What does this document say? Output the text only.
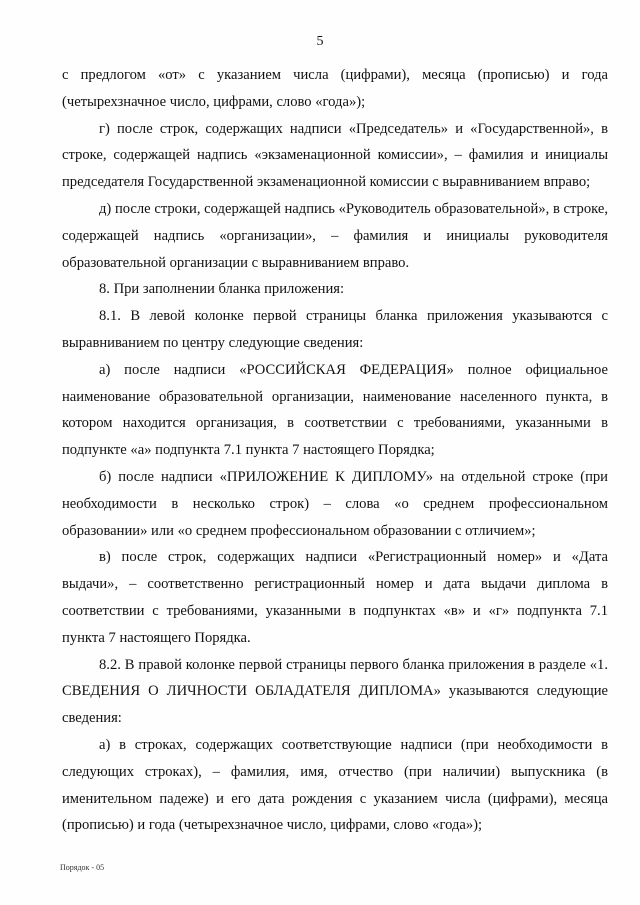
5

с предлогом «от» с указанием числа (цифрами), месяца (прописью) и года (четырехзначное число, цифрами, слово «года»);

г) после строк, содержащих надписи «Председатель» и «Государственной», в строке, содержащей надпись «экзаменационной комиссии», – фамилия и инициалы председателя Государственной экзаменационной комиссии с выравниванием вправо;

д) после строки, содержащей надпись «Руководитель образовательной», в строке, содержащей надпись «организации», – фамилия и инициалы руководителя образовательной организации с выравниванием вправо.

8. При заполнении бланка приложения:

8.1. В левой колонке первой страницы бланка приложения указываются с выравниванием по центру следующие сведения:

а) после надписи «РОССИЙСКАЯ ФЕДЕРАЦИЯ» полное официальное наименование образовательной организации, наименование населенного пункта, в котором находится организация, в соответствии с требованиями, указанными в подпункте «а» подпункта 7.1 пункта 7 настоящего Порядка;

б) после надписи «ПРИЛОЖЕНИЕ К ДИПЛОМУ» на отдельной строке (при необходимости в несколько строк) – слова «о среднем профессиональном образовании» или «о среднем профессиональном образовании с отличием»;

в) после строк, содержащих надписи «Регистрационный номер» и «Дата выдачи», – соответственно регистрационный номер и дата выдачи диплома в соответствии с требованиями, указанными в подпунктах «в» и «г» подпункта 7.1 пункта 7 настоящего Порядка.

8.2. В правой колонке первой страницы первого бланка приложения в разделе «1. СВЕДЕНИЯ О ЛИЧНОСТИ ОБЛАДАТЕЛЯ ДИПЛОМА» указываются следующие сведения:

а) в строках, содержащих соответствующие надписи (при необходимости в следующих строках), – фамилия, имя, отчество (при наличии) выпускника (в именительном падеже) и его дата рождения с указанием числа (цифрами), месяца (прописью) и года (четырехзначное число, цифрами, слово «года»);

Порядок - 05
